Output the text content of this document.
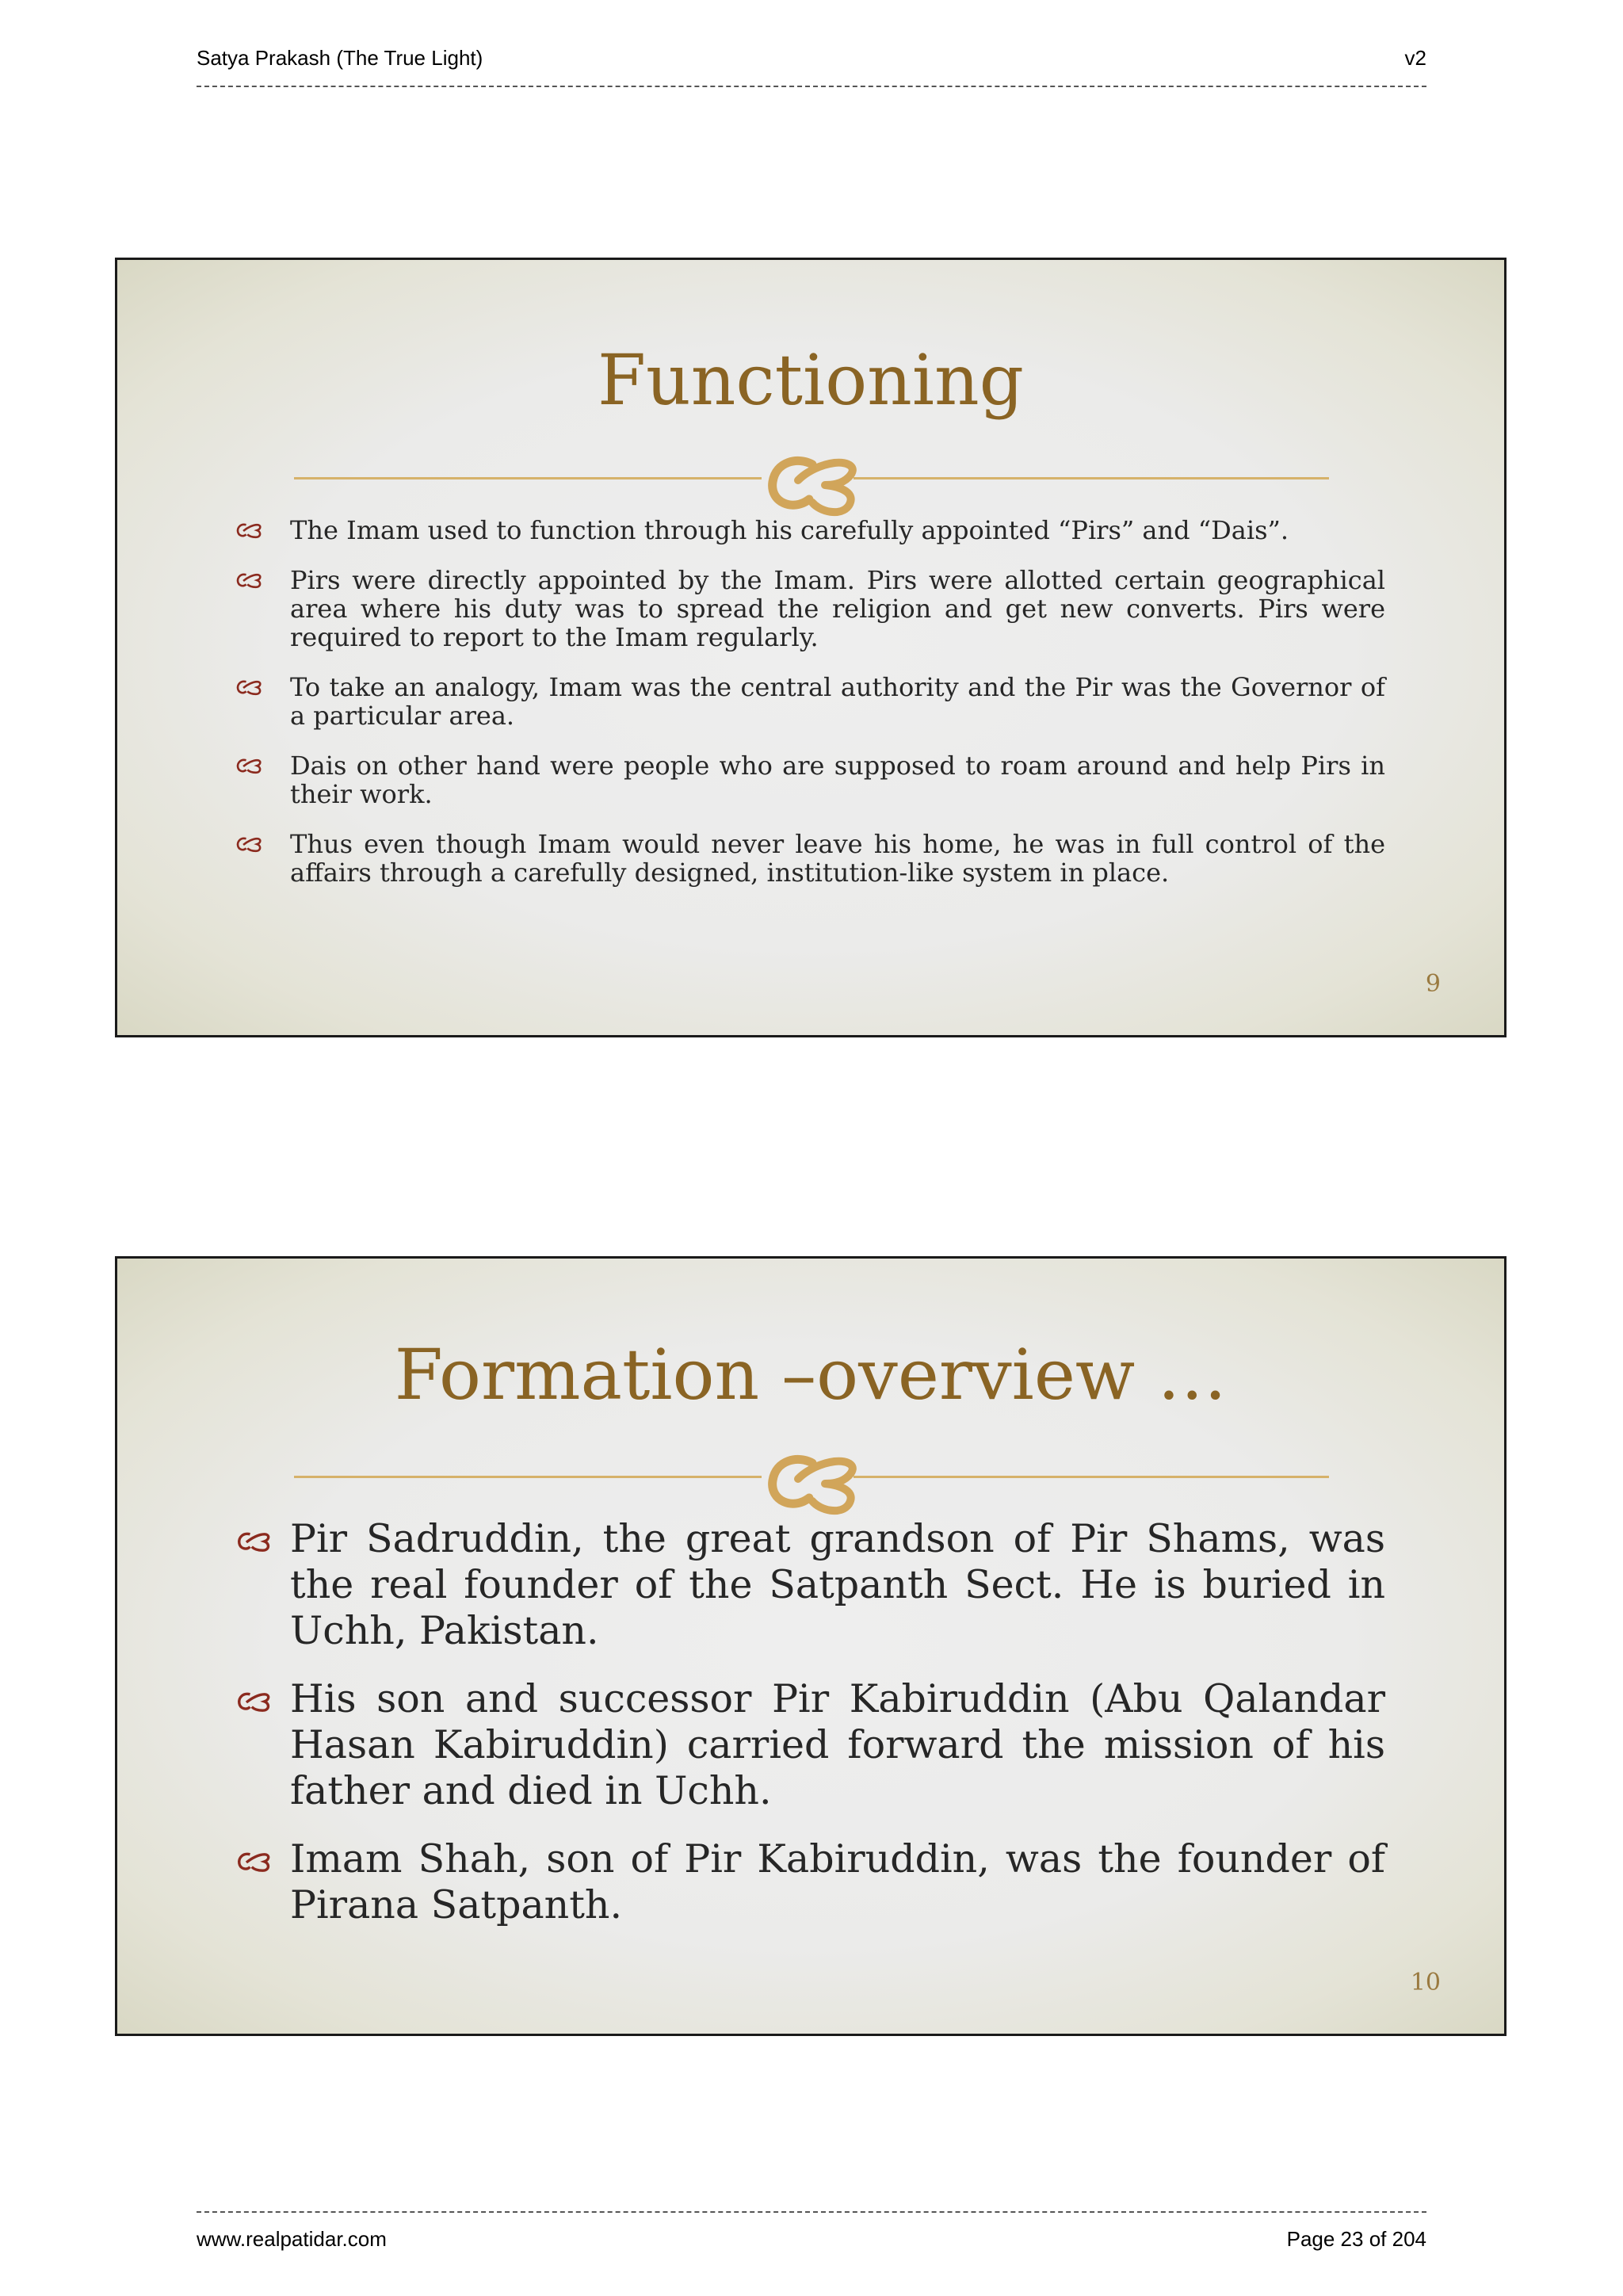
Satya Prakash (The True Light)	v2
Functioning
The Imam used to function through his carefully appointed “Pirs” and “Dais”.
Pirs were directly appointed by the Imam. Pirs were allotted certain geographical area where his duty was to spread the religion and get new converts. Pirs were required to report to the Imam regularly.
To take an analogy, Imam was the central authority and the Pir was the Governor of a particular area.
Dais on other hand were people who are supposed to roam around and help Pirs in their work.
Thus even though Imam would never leave his home, he was in full control of the affairs through a carefully designed, institution-like system in place.
9
Formation –overview …
Pir Sadruddin, the great grandson of Pir Shams, was the real founder of the Satpanth Sect. He is buried in Uchh, Pakistan.
His son and successor Pir Kabiruddin (Abu Qalandar Hasan Kabiruddin) carried forward the mission of his father and died in Uchh.
Imam Shah, son of Pir Kabiruddin, was the founder of Pirana Satpanth.
10
www.realpatidar.com	Page 23 of 204
